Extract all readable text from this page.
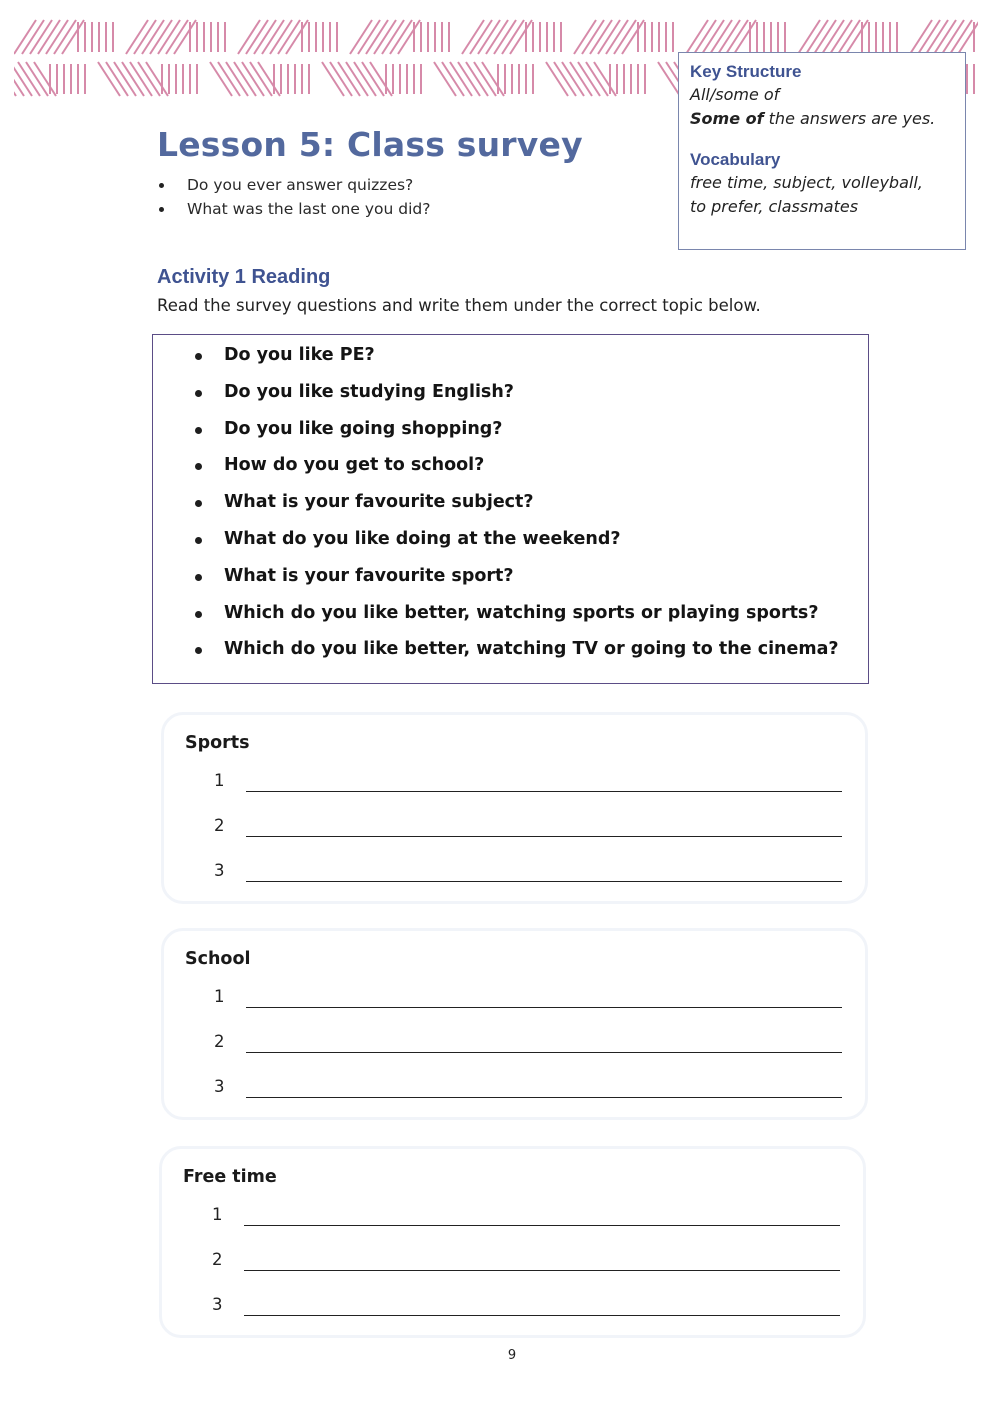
Key Structure
All/some of
Some of the answers are yes.
Vocabulary
free time, subject, volleyball,
to prefer, classmates
Lesson 5: Class survey
Do you ever answer quizzes?
What was the last one you did?
Activity 1 Reading

Read the survey questions and write them under the correct topic below.

Do you like PE?
Do you like studying English?
Do you like going shopping?
How do you get to school?
What is your favourite subject?
What do you like doing at the weekend?
What is your favourite sport?
Which do you like better, watching sports or playing sports?
Which do you like better, watching TV or going to the cinema?
Sports
1
2
3
School
1
2
3
Free time
1
2
3
9
